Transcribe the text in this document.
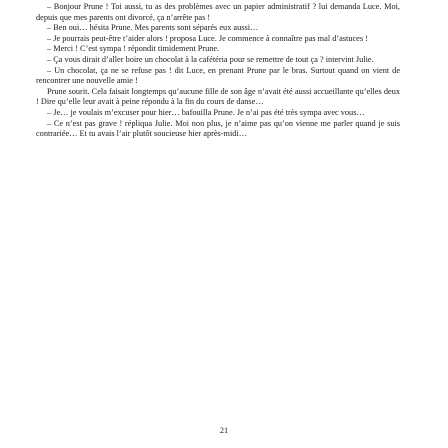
– Bonjour Prune ! Toi aussi, tu as des problèmes avec un papier administratif ? lui demanda Luce. Moi, depuis que mes parents ont divorcé, ça n’arrête pas !

– Ben oui… hésita Prune. Mes parents sont séparés eux aussi…

– Je pourrais peut-être t’aider alors ! proposa Luce. Je commence à connaître pas mal d’astuces !

– Merci ! C’est sympa ! répondit timidement Prune.

– Ça vous dirait d’aller boire un chocolat à la cafétéria pour se remettre de tout ça ? intervint Julie.

– Un chocolat, ça ne se refuse pas ! dit Luce, en prenant Prune par le bras. Surtout quand on vient de rencontrer une nouvelle amie !

Prune sourit. Cela faisait longtemps qu’aucune fille de son âge n’avait été aussi accueillante qu’elles deux ! Dire qu’elle leur avait à peine répondu à la fin du cours de danse…

– Je… je voulais m’excuser pour hier… bafouilla Prune. Je n’ai pas été très sympa avec vous…

– Ce n’est pas grave ! répliqua Julie. Moi non plus, je n’aime pas qu’on vienne me parler quand je suis contrariée… Et tu avais l’air plutôt soucieuse hier après-midi…

21
